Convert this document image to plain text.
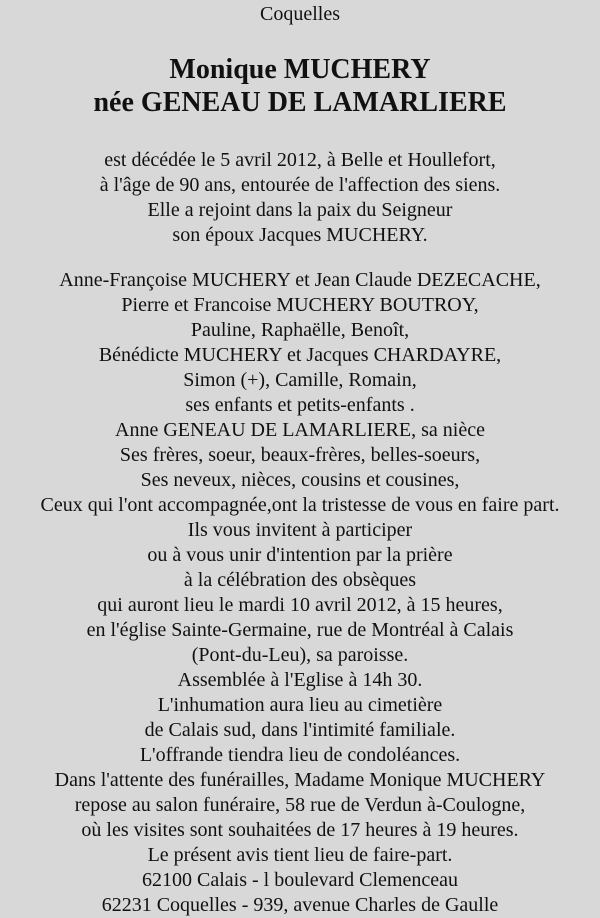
Coquelles
Monique MUCHERY
née GENEAU DE LAMARLIERE
est décédée le 5 avril 2012, à Belle et Houllefort,
à l'âge de 90 ans, entourée de l'affection des siens.
Elle a rejoint dans la paix du Seigneur
son époux Jacques MUCHERY.
Anne-Françoise MUCHERY et Jean Claude DEZECACHE,
Pierre et Francoise MUCHERY BOUTROY,
Pauline, Raphaëlle, Benoît,
Bénédicte MUCHERY et Jacques CHARDAYRE,
Simon (+), Camille, Romain,
ses enfants et petits-enfants .
Anne GENEAU DE LAMARLIERE, sa nièce
Ses frères, soeur, beaux-frères, belles-soeurs,
Ses neveux, nièces, cousins et cousines,
Ceux qui l'ont accompagnée,ont la tristesse de vous en faire part.
Ils vous invitent à participer
ou à vous unir d'intention par la prière
à la célébration des obsèques
qui auront lieu le mardi 10 avril 2012, à 15 heures,
en l'église Sainte-Germaine, rue de Montréal à Calais
(Pont-du-Leu), sa paroisse.
Assemblée à l'Eglise à 14h 30.
L'inhumation aura lieu au cimetière
de Calais sud, dans l'intimité familiale.
L'offrande tiendra lieu de condoléances.
Dans l'attente des funérailles, Madame Monique MUCHERY
repose au salon funéraire, 58 rue de Verdun à-Coulogne,
où les visites sont souhaitées de 17 heures à 19 heures.
Le présent avis tient lieu de faire-part.
62100 Calais - l boulevard Clemenceau
62231 Coquelles - 939, avenue Charles de Gaulle
